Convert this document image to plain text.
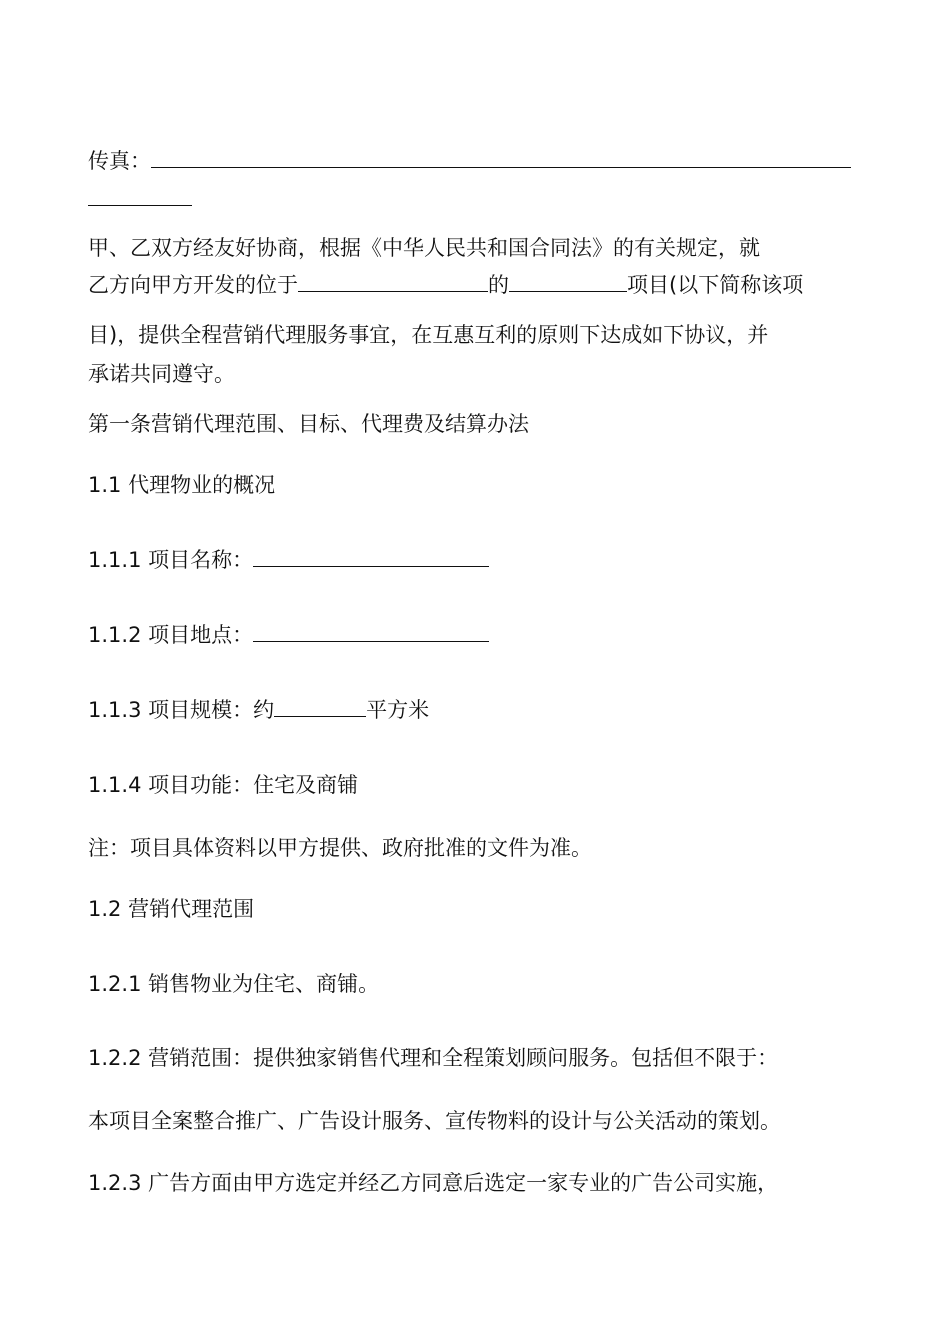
传真：

甲、乙双方经友好协商，根据《中华人民共和国合同法》的有关规定，就

乙方向甲方开发的位于	的	项目(以下简称该项

目)，提供全程营销代理服务事宜，在互惠互利的原则下达成如下协议，并

承诺共同遵守。

第一条营销代理范围、目标、代理费及结算办法

1.1 代理物业的概况

1.1.1 项目名称：

1.1.2 项目地点：

1.1.3 项目规模：约	平方米

1.1.4 项目功能：住宅及商铺

注：项目具体资料以甲方提供、政府批准的文件为准。

1.2 营销代理范围

1.2.1 销售物业为住宅、商铺。

1.2.2 营销范围：提供独家销售代理和全程策划顾问服务。包括但不限于：

本项目全案整合推广、广告设计服务、宣传物料的设计与公关活动的策划。

1.2.3 广告方面由甲方选定并经乙方同意后选定一家专业的广告公司实施，
